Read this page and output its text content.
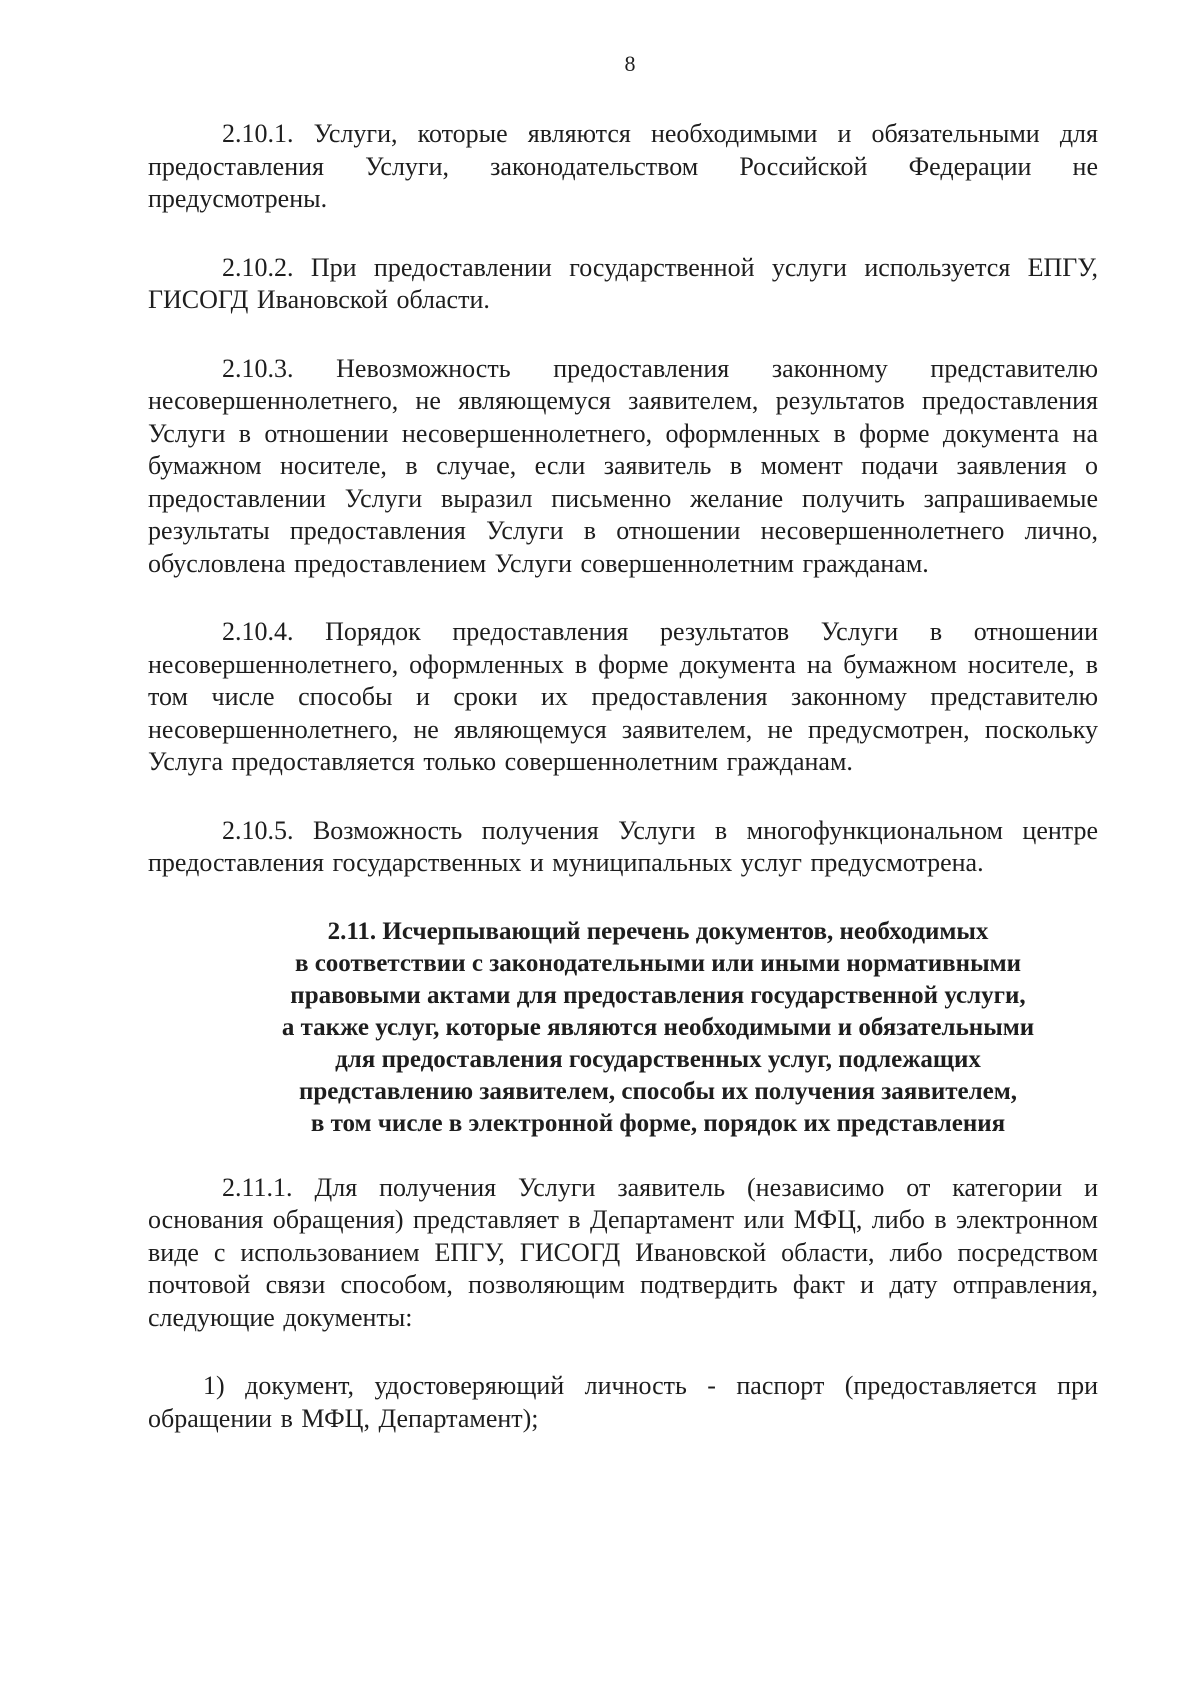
8

2.10.1. Услуги, которые являются необходимыми и обязательными для предоставления Услуги, законодательством Российской Федерации не предусмотрены.

2.10.2. При предоставлении государственной услуги используется ЕПГУ, ГИСОГД Ивановской области.

2.10.3. Невозможность предоставления законному представителю несовершеннолетнего, не являющемуся заявителем, результатов предоставления Услуги в отношении несовершеннолетнего, оформленных в форме документа на бумажном носителе, в случае, если заявитель в момент подачи заявления о предоставлении Услуги выразил письменно желание получить запрашиваемые результаты предоставления Услуги в отношении несовершеннолетнего лично, обусловлена предоставлением Услуги совершеннолетним гражданам.

2.10.4. Порядок предоставления результатов Услуги в отношении несовершеннолетнего, оформленных в форме документа на бумажном носителе, в том числе способы и сроки их предоставления законному представителю несовершеннолетнего, не являющемуся заявителем, не предусмотрен, поскольку Услуга предоставляется только совершеннолетним гражданам.

2.10.5. Возможность получения Услуги в многофункциональном центре предоставления государственных и муниципальных услуг предусмотрена.

2.11. Исчерпывающий перечень документов, необходимых
в соответствии с законодательными или иными нормативными
правовыми актами для предоставления государственной услуги,
а также услуг, которые являются необходимыми и обязательными
для предоставления государственных услуг, подлежащих
представлению заявителем, способы их получения заявителем,
в том числе в электронной форме, порядок их представления

2.11.1. Для получения Услуги заявитель (независимо от категории и основания обращения) представляет в Департамент или МФЦ, либо в электронном виде с использованием ЕПГУ, ГИСОГД Ивановской области, либо посредством почтовой связи способом, позволяющим подтвердить факт и дату отправления, следующие документы:

1) документ, удостоверяющий личность - паспорт (предоставляется при обращении в МФЦ, Департамент);
